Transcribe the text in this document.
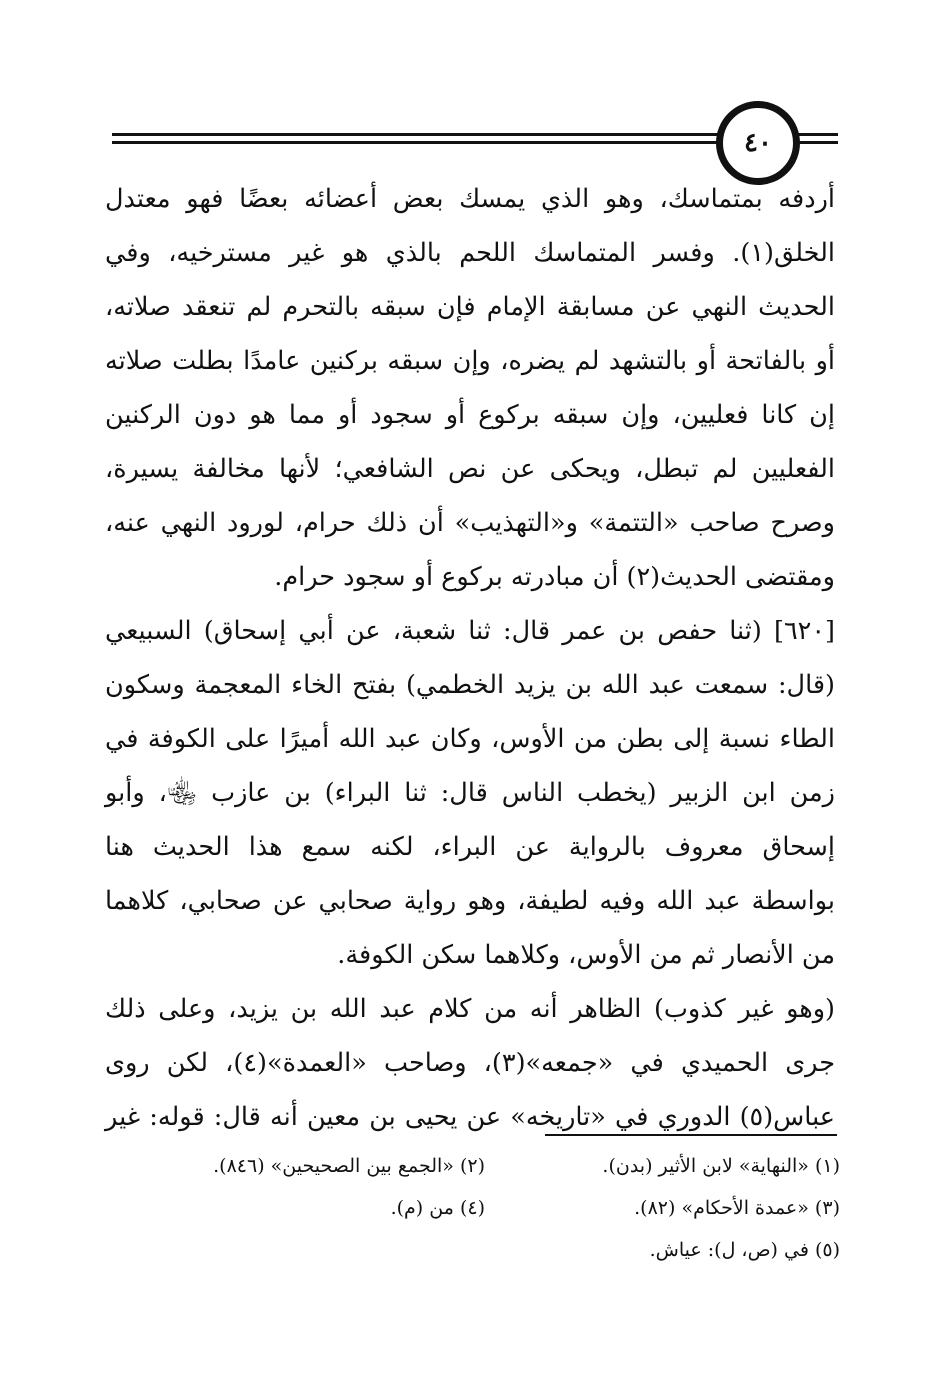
٤٠
أردفه بمتماسك، وهو الذي يمسك بعض أعضائه بعضًا فهو معتدل
الخلق(١). وفسر المتماسك اللحم بالذي هو غير مسترخيه، وفي
الحديث النهي عن مسابقة الإمام فإن سبقه بالتحرم لم تنعقد صلاته،
أو بالفاتحة أو بالتشهد لم يضره، وإن سبقه بركنين عامدًا بطلت صلاته
إن كانا فعليين، وإن سبقه بركوع أو سجود أو مما هو دون الركنين
الفعليين لم تبطل، ويحكى عن نص الشافعي؛ لأنها مخالفة يسيرة،
وصرح صاحب «التتمة» و«التهذيب» أن ذلك حرام، لورود النهي عنه،
ومقتضى الحديث(٢) أن مبادرته بركوع أو سجود حرام.
[٦٢٠] (ثنا حفص بن عمر قال: ثنا شعبة، عن أبي إسحاق) السبيعي
(قال: سمعت عبد الله بن يزيد الخطمي) بفتح الخاء المعجمة وسكون
الطاء نسبة إلى بطن من الأوس، وكان عبد الله أميرًا على الكوفة في
زمن ابن الزبير (يخطب الناس قال: ثنا البراء) بن عازب ﵄، وأبو
إسحاق معروف بالرواية عن البراء، لكنه سمع هذا الحديث هنا
بواسطة عبد الله وفيه لطيفة، وهو رواية صحابي عن صحابي، كلاهما
من الأنصار ثم من الأوس، وكلاهما سكن الكوفة.
(وهو غير كذوب) الظاهر أنه من كلام عبد الله بن يزيد، وعلى ذلك
جرى الحميدي في «جمعه»(٣)، وصاحب «العمدة»(٤)، لكن روى
عباس(٥) الدوري في «تاريخه» عن يحيى بن معين أنه قال: قوله: غير
(١) «النهاية» لابن الأثير (بدن).
(٢) «الجمع بين الصحيحين» (٨٤٦).
(٣) «عمدة الأحكام» (٨٢).
(٤) من (م).
(٥) في (ص، ل): عياش.
